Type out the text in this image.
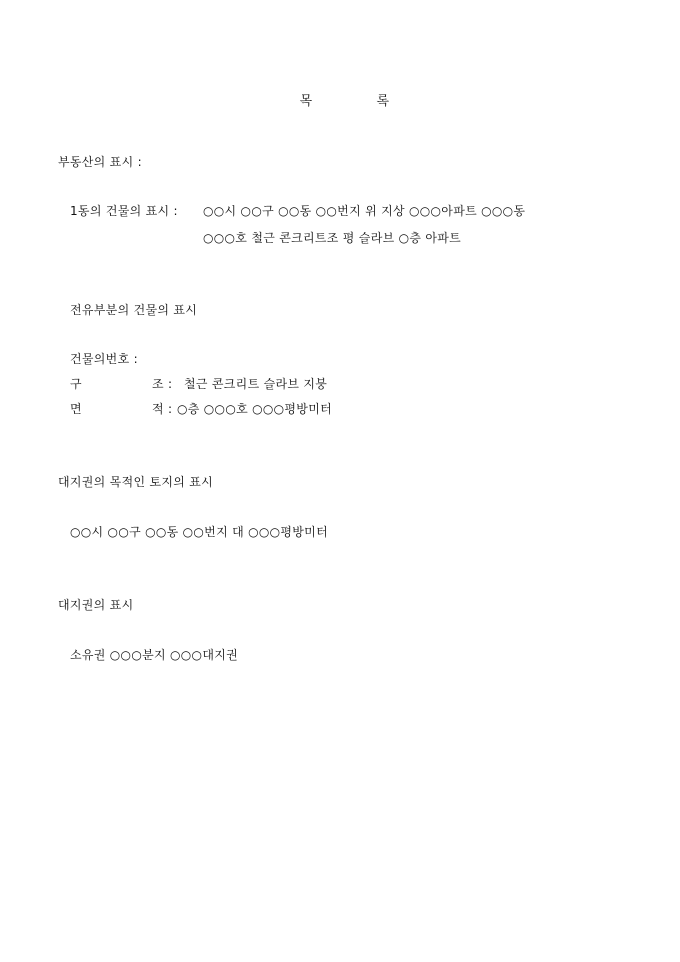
목	록

부동산의 표시 :
1동의 건물의 표시 : ○○시 ○○구 ○○동 ○○번지 위 지상 ○○○아파트 ○○○동
○○○호 철근 콘크리트조 평 슬라브 ○층 아파트
전유부분의 건물의 표시
건물의번호 :
구	조 : 철근 콘크리트 슬라브 지붕
면	적 : ○층 ○○○호 ○○○평방미터
대지권의 목적인 토지의 표시
○○시 ○○구 ○○동 ○○번지 대 ○○○평방미터
대지권의 표시
소유권 ○○○분지 ○○○대지권
